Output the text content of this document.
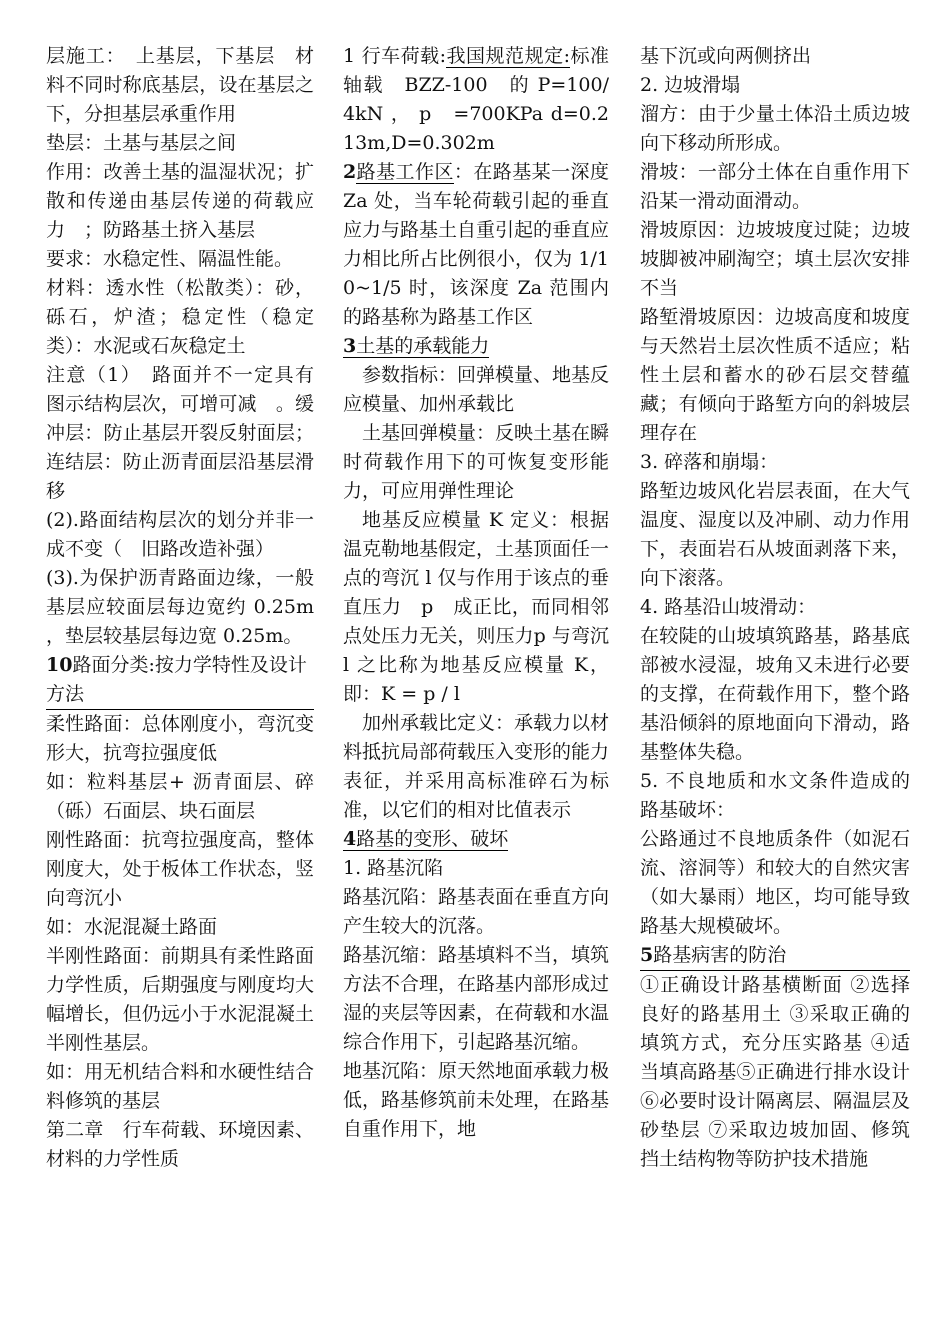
层施工：　上基层，下基层　材料不同时称底基层，设在基层之下，分担基层承重作用

垫层：土基与基层之间

作用：改善土基的温湿状况；扩散和传递由基层传递的荷载应力　；防路基土挤入基层

要求：水稳定性、隔温性能。

材料：透水性（松散类）：砂，砾石，炉渣；稳定性（稳定类）：水泥或石灰稳定土

注意（1）　路面并不一定具有图示结构层次，可增可减　。缓冲层：防止基层开裂反射面层；连结层：防止沥青面层沿基层滑移

(2).路面结构层次的划分并非一成不变（　旧路改造补强）

(3).为保护沥青路面边缘，一般基层应较面层每边宽约 0.25m ，垫层较基层每边宽 0.25m。

10路面分类:按力学特性及设计方法

柔性路面：总体刚度小，弯沉变形大，抗弯拉强度低

如：粒料基层+ 沥青面层、碎（砾）石面层、块石面层

刚性路面：抗弯拉强度高，整体刚度大，处于板体工作状态，竖向弯沉小

如：水泥混凝土路面

半刚性路面：前期具有柔性路面力学性质，后期强度与刚度均大幅增长，但仍远小于水泥混凝土半刚性基层。

如：用无机结合料和水硬性结合料修筑的基层

第二章　行车荷载、环境因素、材料的力学性质

1 行车荷载:我国规范规定:标准轴载　BZZ-100　的 P=100/4kN ， p　=700KPa d=0.213m,D=0.302m

2路基工作区：在路基某一深度 Za 处，当车轮荷载引起的垂直应力与路基土自重引起的垂直应力相比所占比例很小，仅为 1/10~1/5 时，该深度 Za 范围内的路基称为路基工作区

3土基的承载能力

参数指标：回弹模量、地基反应模量、加州承载比

土基回弹模量：反映土基在瞬时荷载作用下的可恢复变形能力，可应用弹性理论

地基反应模量 K 定义：根据温克勒地基假定，土基顶面任一点的弯沉 l 仅与作用于该点的垂直压力　p　成正比，而同相邻点处压力无关，则压力p 与弯沉 l 之比称为地基反应模量 K，即：K = p / l

加州承载比定义：承载力以材料抵抗局部荷载压入变形的能力表征，并采用高标准碎石为标准，以它们的相对比值表示

4路基的变形、破坏

1. 路基沉陷

路基沉陷：路基表面在垂直方向产生较大的沉落。

路基沉缩：路基填料不当，填筑方法不合理，在路基内部形成过湿的夹层等因素，在荷载和水温综合作用下，引起路基沉缩。

地基沉陷：原天然地面承载力极低，路基修筑前未处理，在路基自重作用下，地

基下沉或向两侧挤出

2. 边坡滑塌

溜方：由于少量土体沿土质边坡向下移动所形成。

滑坡：一部分土体在自重作用下沿某一滑动面滑动。

滑坡原因：边坡坡度过陡；边坡坡脚被冲刷淘空；填土层次安排不当

路堑滑坡原因：边坡高度和坡度与天然岩土层次性质不适应；粘性土层和蓄水的砂石层交替蕴藏；有倾向于路堑方向的斜坡层理存在

3. 碎落和崩塌：

路堑边坡风化岩层表面，在大气温度、湿度以及冲刷、动力作用下，表面岩石从坡面剥落下来，向下滚落。

4. 路基沿山坡滑动：

在较陡的山坡填筑路基，路基底部被水浸湿，坡角又未进行必要的支撑，在荷载作用下，整个路基沿倾斜的原地面向下滑动，路基整体失稳。

5. 不良地质和水文条件造成的路基破坏：

公路通过不良地质条件（如泥石流、溶洞等）和较大的自然灾害（如大暴雨）地区，均可能导致路基大规模破坏。

5路基病害的防治

①正确设计路基横断面 ②选择良好的路基用土 ③采取正确的填筑方式，充分压实路基 ④适当填高路基⑤正确进行排水设计⑥必要时设计隔离层、隔温层及砂垫层 ⑦采取边坡加固、修筑挡土结构物等防护技术措施
